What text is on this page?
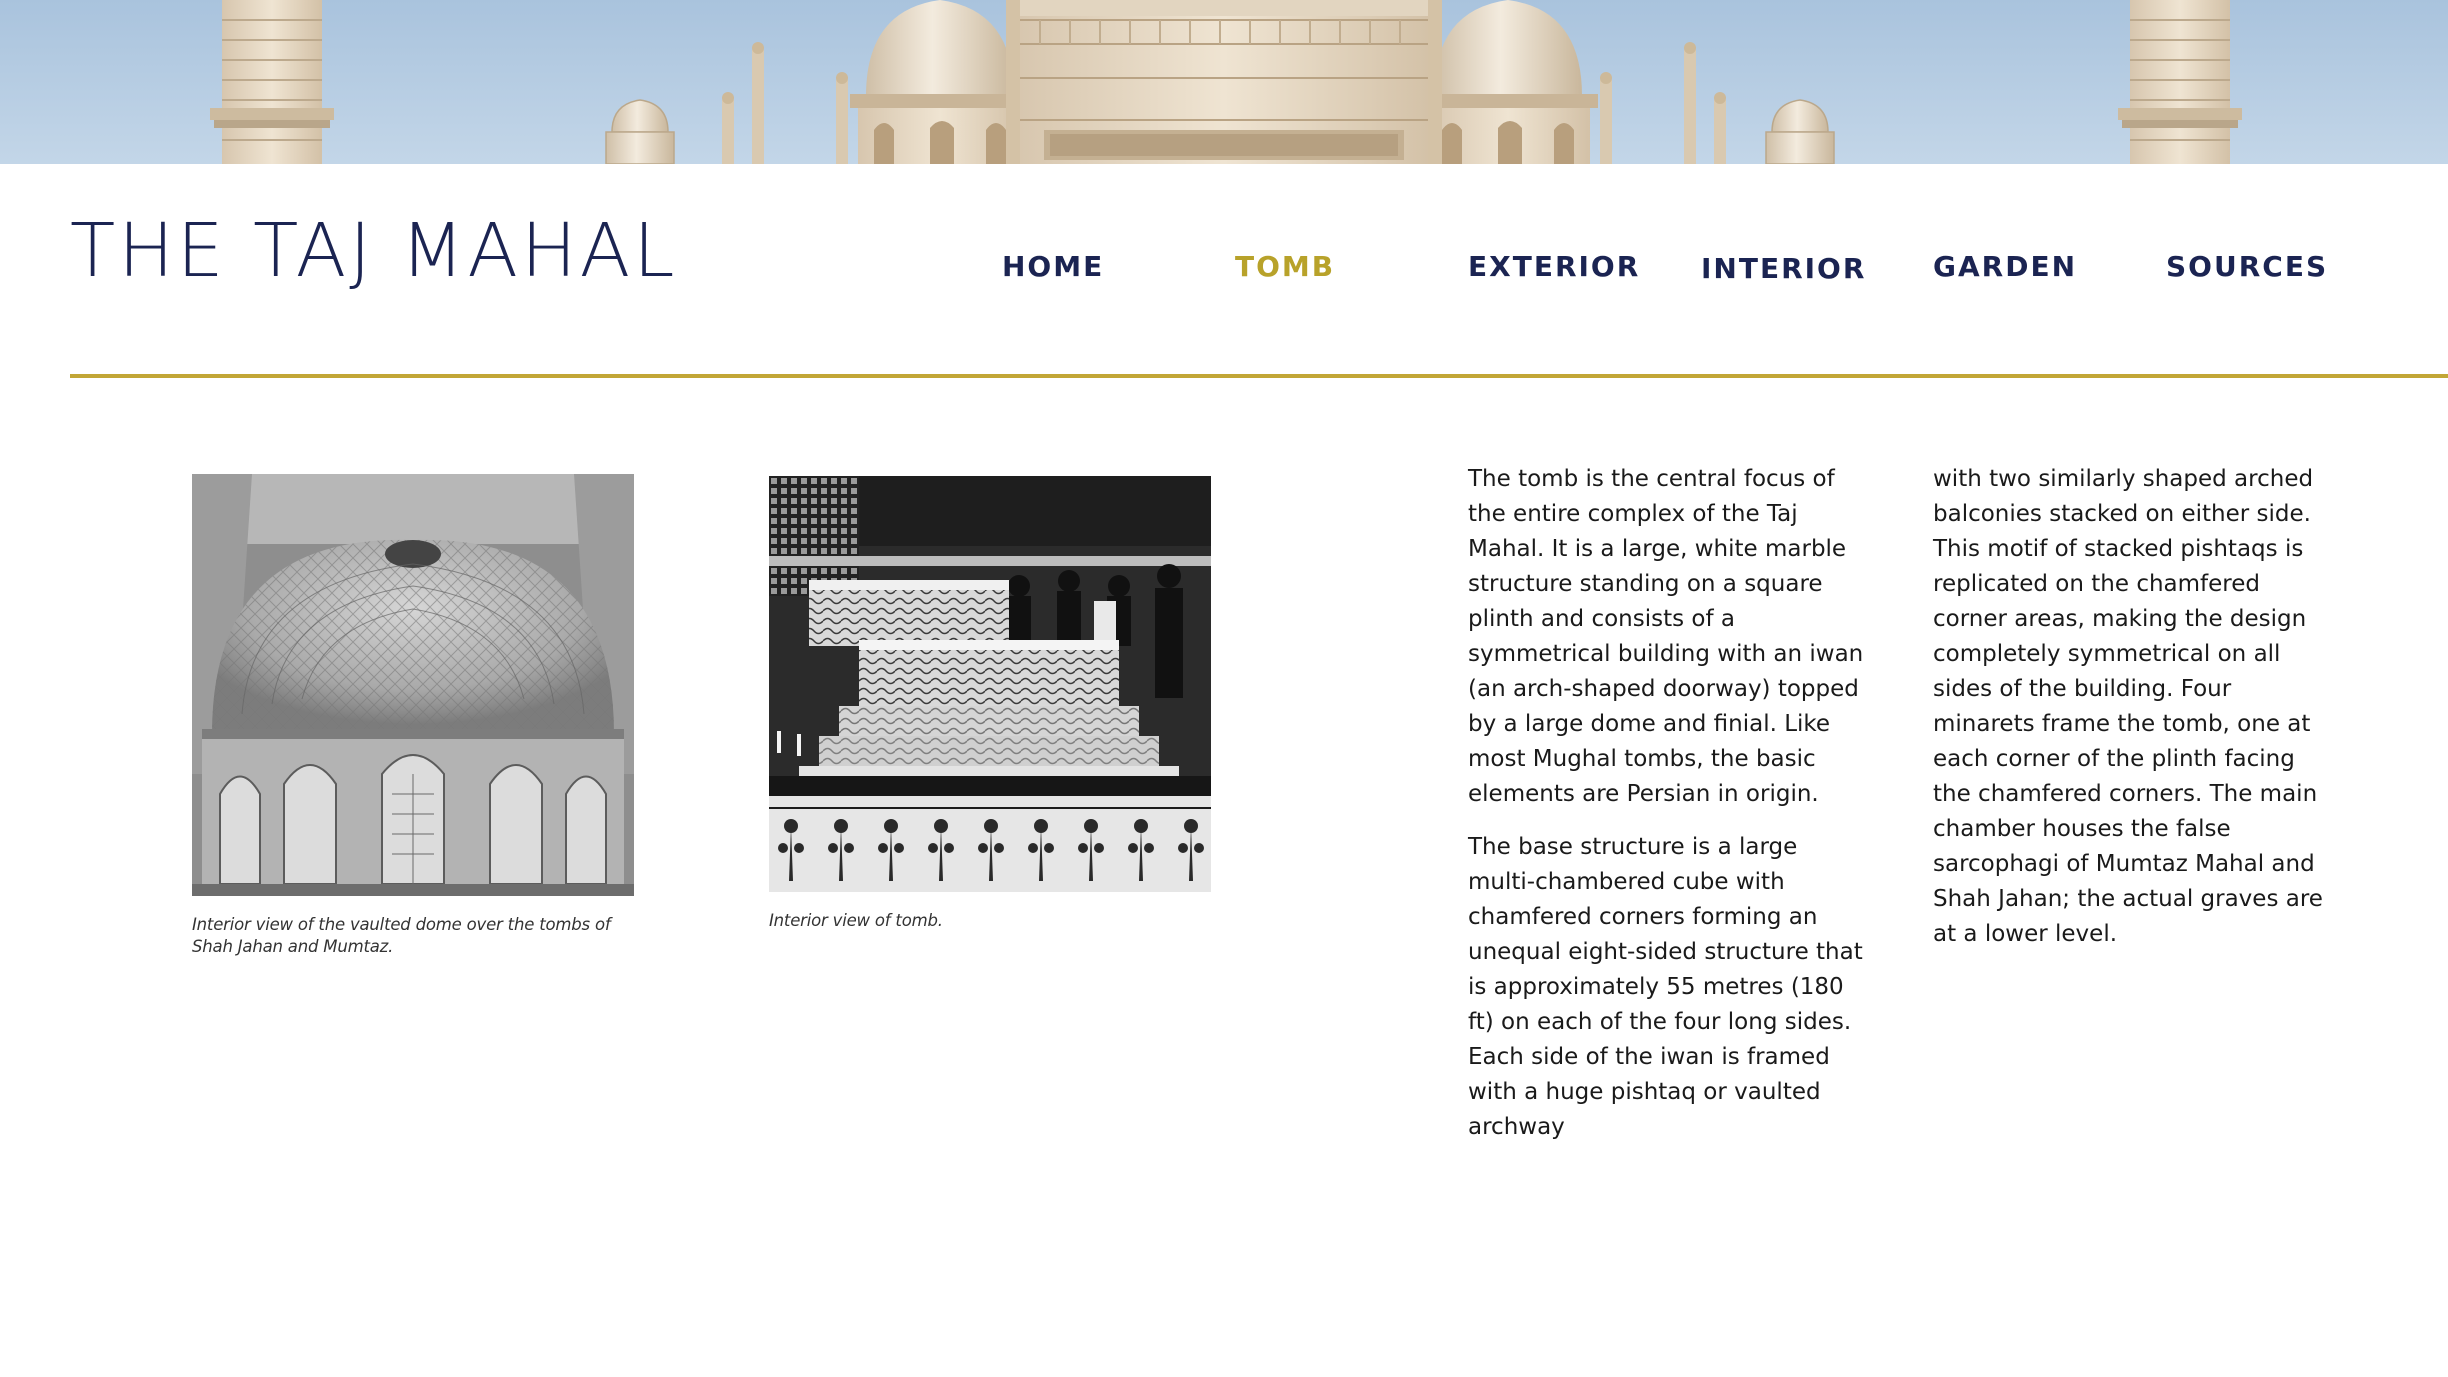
THE TAJ MAHAL	HOME	TOMB	EXTERIOR INTERIOR GARDEN	SOURCES
Interior view of the vaulted dome over the tombs of Shah Jahan and Mumtaz.
Interior view of tomb.

The tomb is the central focus of the entire complex of the Taj Mahal. It is a large, white marble structure standing on a square plinth and consists of a symmetrical building with an iwan (an arch-shaped doorway) topped by a large dome and finial. Like most Mughal tombs, the basic elements are Persian in origin.

The base structure is a large multi-chambered cube with chamfered corners forming an unequal eight-sided structure that is approximately 55 metres (180 ft) on each of the four long sides. Each side of the iwan is framed with a huge pishtaq or vaulted archway

with two similarly shaped arched balconies stacked on either side. This motif of stacked pishtaqs is replicated on the chamfered corner areas, making the design completely symmetrical on all sides of the building. Four minarets frame the tomb, one at each corner of the plinth facing the chamfered corners. The main chamber houses the false sarcophagi of Mumtaz Mahal and Shah Jahan; the actual graves are at a lower level.
